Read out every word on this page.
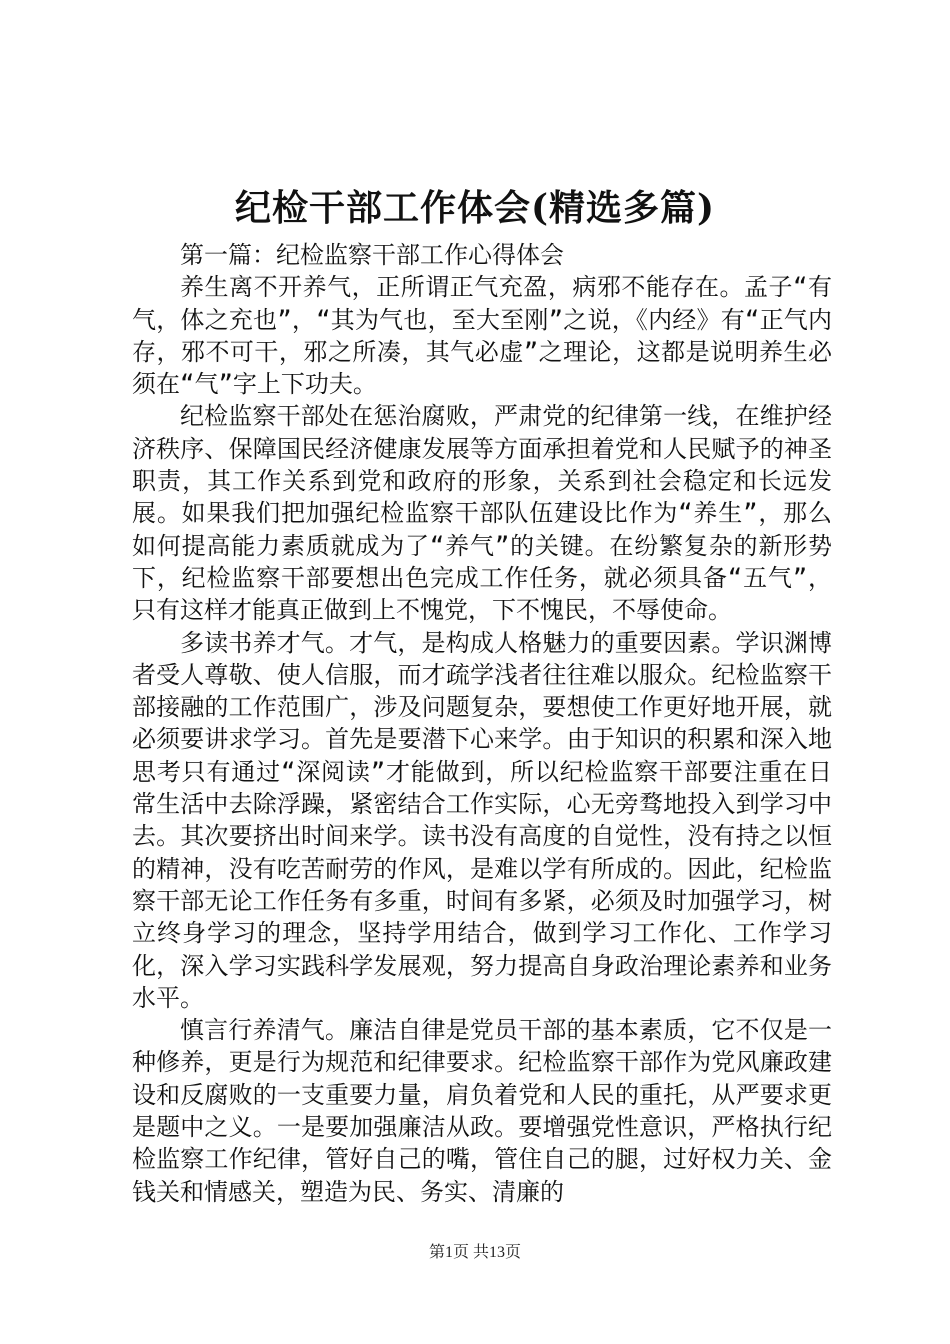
纪检干部工作体会(精选多篇)

第一篇：纪检监察干部工作心得体会

养生离不开养气，正所谓正气充盈，病邪不能存在。孟子“有气，体之充也”，“其为气也，至大至刚”之说，《内经》有“正气内存，邪不可干，邪之所凑，其气必虚”之理论，这都是说明养生必须在“气”字上下功夫。

纪检监察干部处在惩治腐败，严肃党的纪律第一线，在维护经济秩序、保障国民经济健康发展等方面承担着党和人民赋予的神圣职责，其工作关系到党和政府的形象，关系到社会稳定和长远发展。如果我们把加强纪检监察干部队伍建设比作为“养生”，那么如何提高能力素质就成为了“养气”的关键。在纷繁复杂的新形势下，纪检监察干部要想出色完成工作任务，就必须具备“五气”，只有这样才能真正做到上不愧党，下不愧民，不辱使命。

多读书养才气。才气，是构成人格魅力的重要因素。学识渊博者受人尊敬、使人信服，而才疏学浅者往往难以服众。纪检监察干部接融的工作范围广，涉及问题复杂，要想使工作更好地开展，就必须要讲求学习。首先是要潜下心来学。由于知识的积累和深入地思考只有通过“深阅读”才能做到，所以纪检监察干部要注重在日常生活中去除浮躁，紧密结合工作实际，心无旁骛地投入到学习中去。其次要挤出时间来学。读书没有高度的自觉性，没有持之以恒的精神，没有吃苦耐劳的作风，是难以学有所成的。因此，纪检监察干部无论工作任务有多重，时间有多紧，必须及时加强学习，树立终身学习的理念，坚持学用结合，做到学习工作化、工作学习化，深入学习实践科学发展观，努力提高自身政治理论素养和业务水平。

慎言行养清气。廉洁自律是党员干部的基本素质，它不仅是一种修养，更是行为规范和纪律要求。纪检监察干部作为党风廉政建设和反腐败的一支重要力量，肩负着党和人民的重托，从严要求更是题中之义。一是要加强廉洁从政。要增强党性意识，严格执行纪检监察工作纪律，管好自己的嘴，管住自己的腿，过好权力关、金钱关和情感关，塑造为民、务实、清廉的

第1页 共13页
